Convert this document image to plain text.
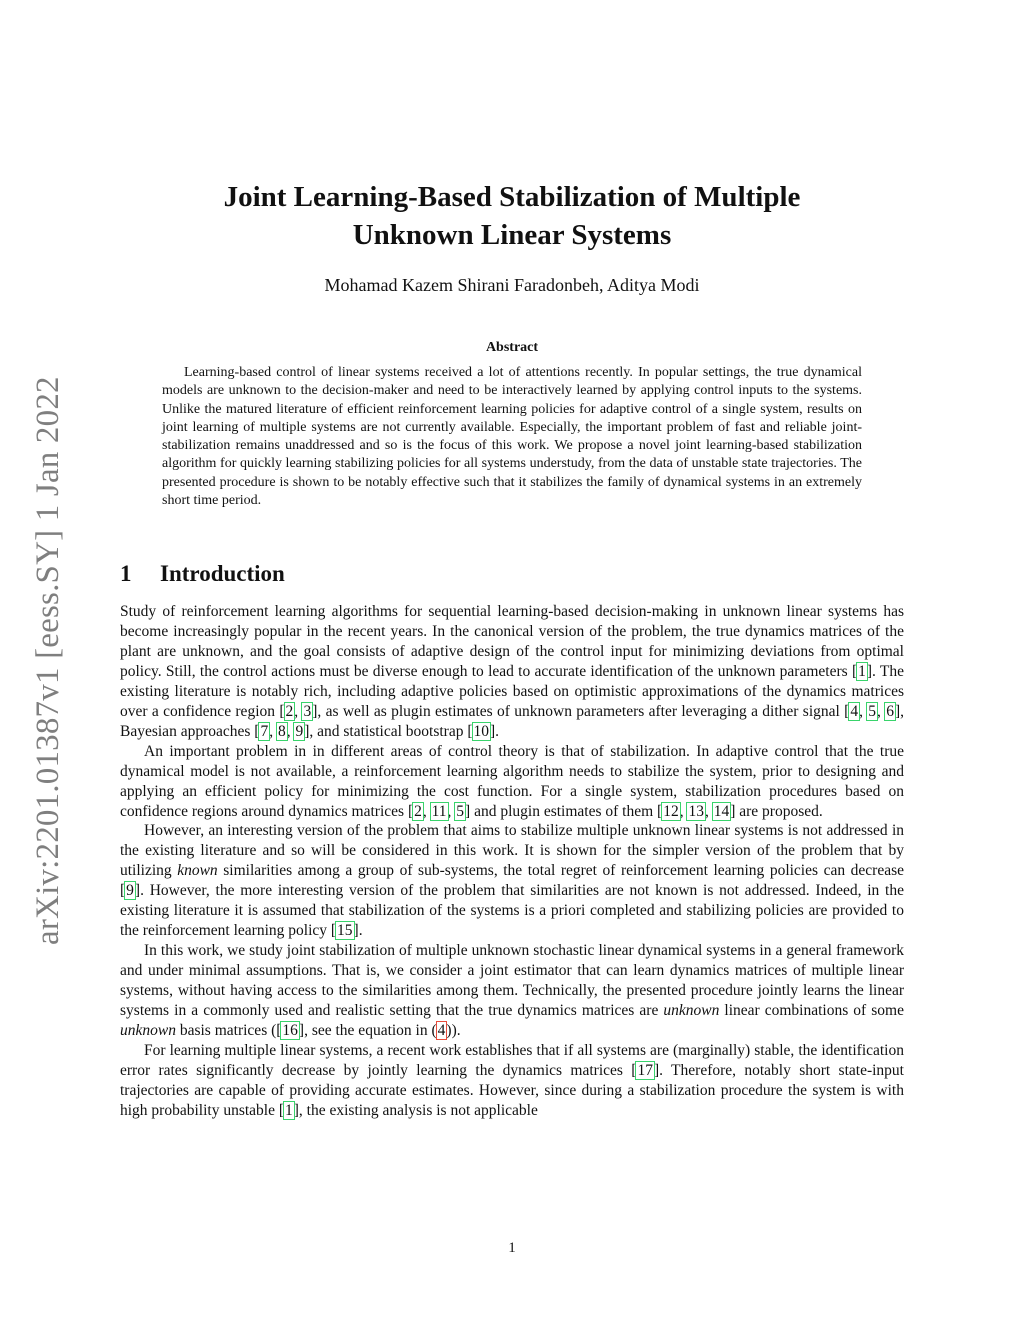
arXiv:2201.01387v1 [eess.SY] 1 Jan 2022
Joint Learning-Based Stabilization of Multiple
Unknown Linear Systems
Mohamad Kazem Shirani Faradonbeh, Aditya Modi
Abstract

Learning-based control of linear systems received a lot of attentions recently. In popular settings, the true dynamical models are unknown to the decision-maker and need to be interactively learned by applying control inputs to the systems. Unlike the matured literature of efficient reinforcement learning policies for adaptive control of a single system, results on joint learning of multiple systems are not currently available. Especially, the important problem of fast and reliable joint-stabilization remains unaddressed and so is the focus of this work. We propose a novel joint learning-based stabilization algorithm for quickly learning stabilizing policies for all systems understudy, from the data of unstable state trajectories. The presented procedure is shown to be notably effective such that it stabilizes the family of dynamical systems in an extremely short time period.

1 Introduction

Study of reinforcement learning algorithms for sequential learning-based decision-making in unknown linear systems has become increasingly popular in the recent years. In the canonical version of the problem, the true dynamics matrices of the plant are unknown, and the goal consists of adaptive design of the control input for minimizing deviations from optimal policy. Still, the control actions must be diverse enough to lead to accurate identification of the unknown parameters [1]. The existing literature is notably rich, including adaptive policies based on optimistic approximations of the dynamics matrices over a confidence region [2, 3], as well as plugin estimates of unknown parameters after leveraging a dither signal [4, 5, 6], Bayesian approaches [7, 8, 9], and statistical bootstrap [10].

An important problem in in different areas of control theory is that of stabilization. In adaptive control that the true dynamical model is not available, a reinforcement learning algorithm needs to stabilize the system, prior to designing and applying an efficient policy for minimizing the cost function. For a single system, stabilization procedures based on confidence regions around dynamics matrices [2, 11, 5] and plugin estimates of them [12, 13, 14] are proposed.

However, an interesting version of the problem that aims to stabilize multiple unknown linear systems is not addressed in the existing literature and so will be considered in this work. It is shown for the simpler version of the problem that by utilizing known similarities among a group of sub-systems, the total regret of reinforcement learning policies can decrease [9]. However, the more interesting version of the problem that similarities are not known is not addressed. Indeed, in the existing literature it is assumed that stabilization of the systems is a priori completed and stabilizing policies are provided to the reinforcement learning policy [15].

In this work, we study joint stabilization of multiple unknown stochastic linear dynamical systems in a general framework and under minimal assumptions. That is, we consider a joint estimator that can learn dynamics matrices of multiple linear systems, without having access to the similarities among them. Technically, the presented procedure jointly learns the linear systems in a commonly used and realistic setting that the true dynamics matrices are unknown linear combinations of some unknown basis matrices ([16], see the equation in (4)).

For learning multiple linear systems, a recent work establishes that if all systems are (marginally) stable, the identification error rates significantly decrease by jointly learning the dynamics matrices [17]. Therefore, notably short state-input trajectories are capable of providing accurate estimates. However, since during a stabilization procedure the system is with high probability unstable [1], the existing analysis is not applicable

1
